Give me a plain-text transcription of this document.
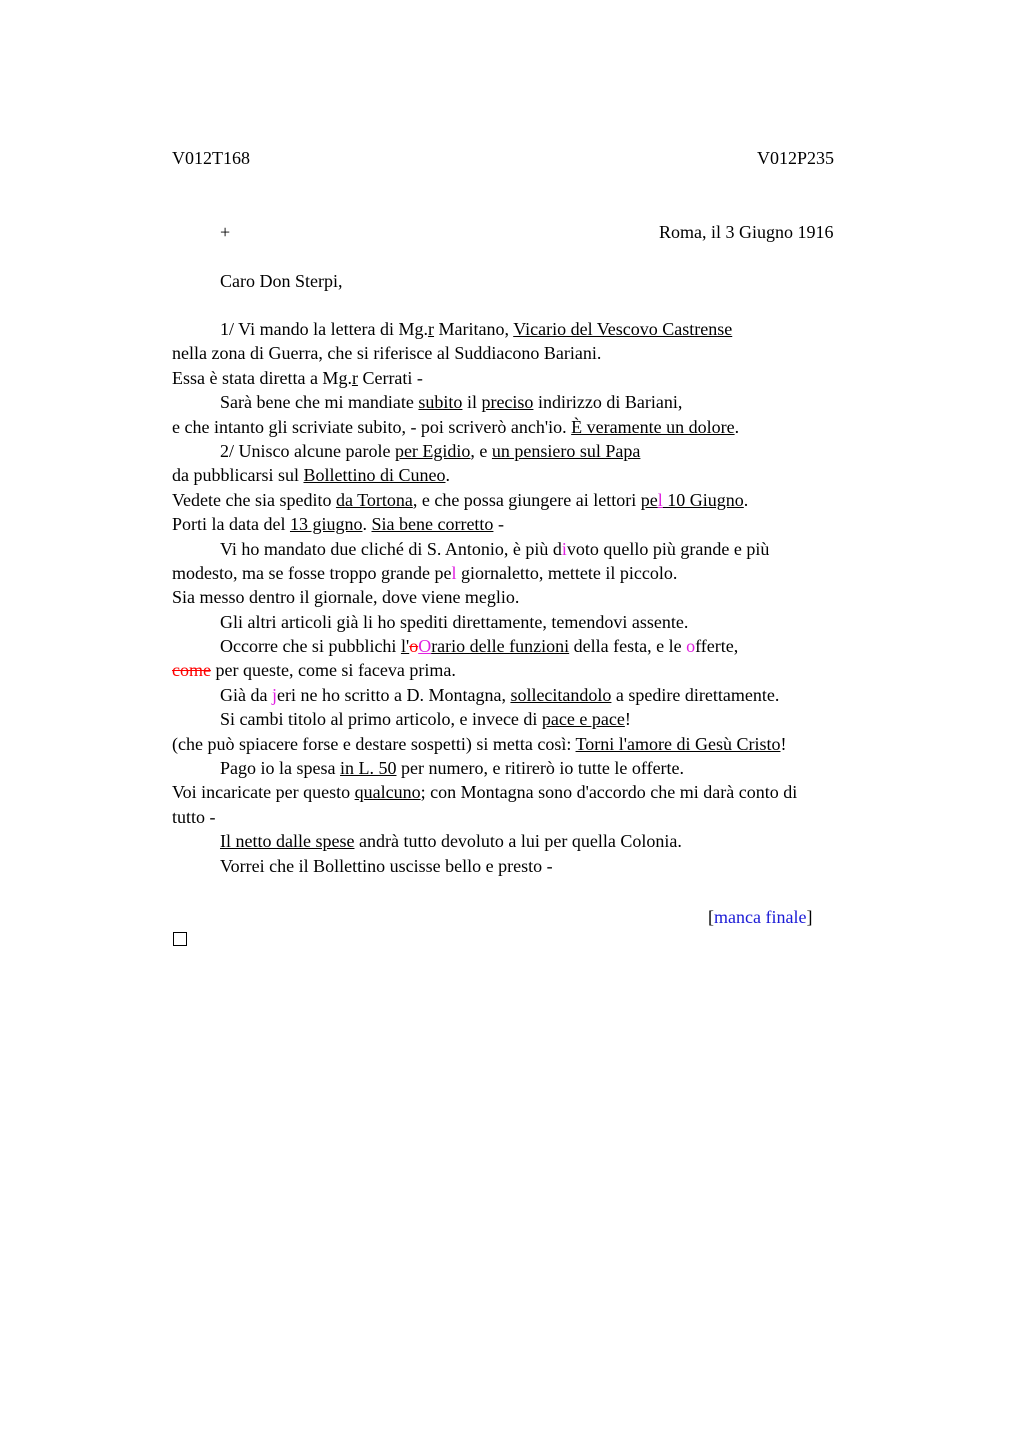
V012T168	V012P235
+	Roma, il 3 Giugno 1916
Caro Don Sterpi,
1/ Vi mando la lettera di Mg.r Maritano, Vicario del Vescovo Castrense
nella zona di Guerra, che si riferisce al Suddiacono Bariani.
Essa è stata diretta a Mg.r Cerrati -
Sarà bene che mi mandiate subito il preciso indirizzo di Bariani,
e che intanto gli scriviate subito, - poi scriverò anch'io. È veramente un dolore.
2/ Unisco alcune parole per Egidio, e un pensiero sul Papa
da pubblicarsi sul Bollettino di Cuneo.
Vedete che sia spedito da Tortona, e che possa giungere ai lettori pel 10 Giugno.
Porti la data del 13 giugno. Sia bene corretto -
Vi ho mandato due cliché di S. Antonio, è più divoto quello più grande e più
modesto, ma se fosse troppo grande pel giornaletto, mettete il piccolo.
Sia messo dentro il giornale, dove viene meglio.
Gli altri articoli già li ho spediti direttamente, temendovi assente.
Occorre che si pubblichi l'oOrario delle funzioni della festa, e le offerte,
come per queste, come si faceva prima.
Già da jeri ne ho scritto a D. Montagna, sollecitandolo a spedire direttamente.
Si cambi titolo al primo articolo, e invece di pace e pace!
(che può spiacere forse e destare sospetti) si metta così: Torni l'amore di Gesù Cristo!
Pago io la spesa in L. 50 per numero, e ritirerò io tutte le offerte.
Voi incaricate per questo qualcuno; con Montagna sono d'accordo che mi darà conto di
tutto -
Il netto dalle spese andrà tutto devoluto a lui per quella Colonia.
Vorrei che il Bollettino uscisse bello e presto -
[manca finale]
